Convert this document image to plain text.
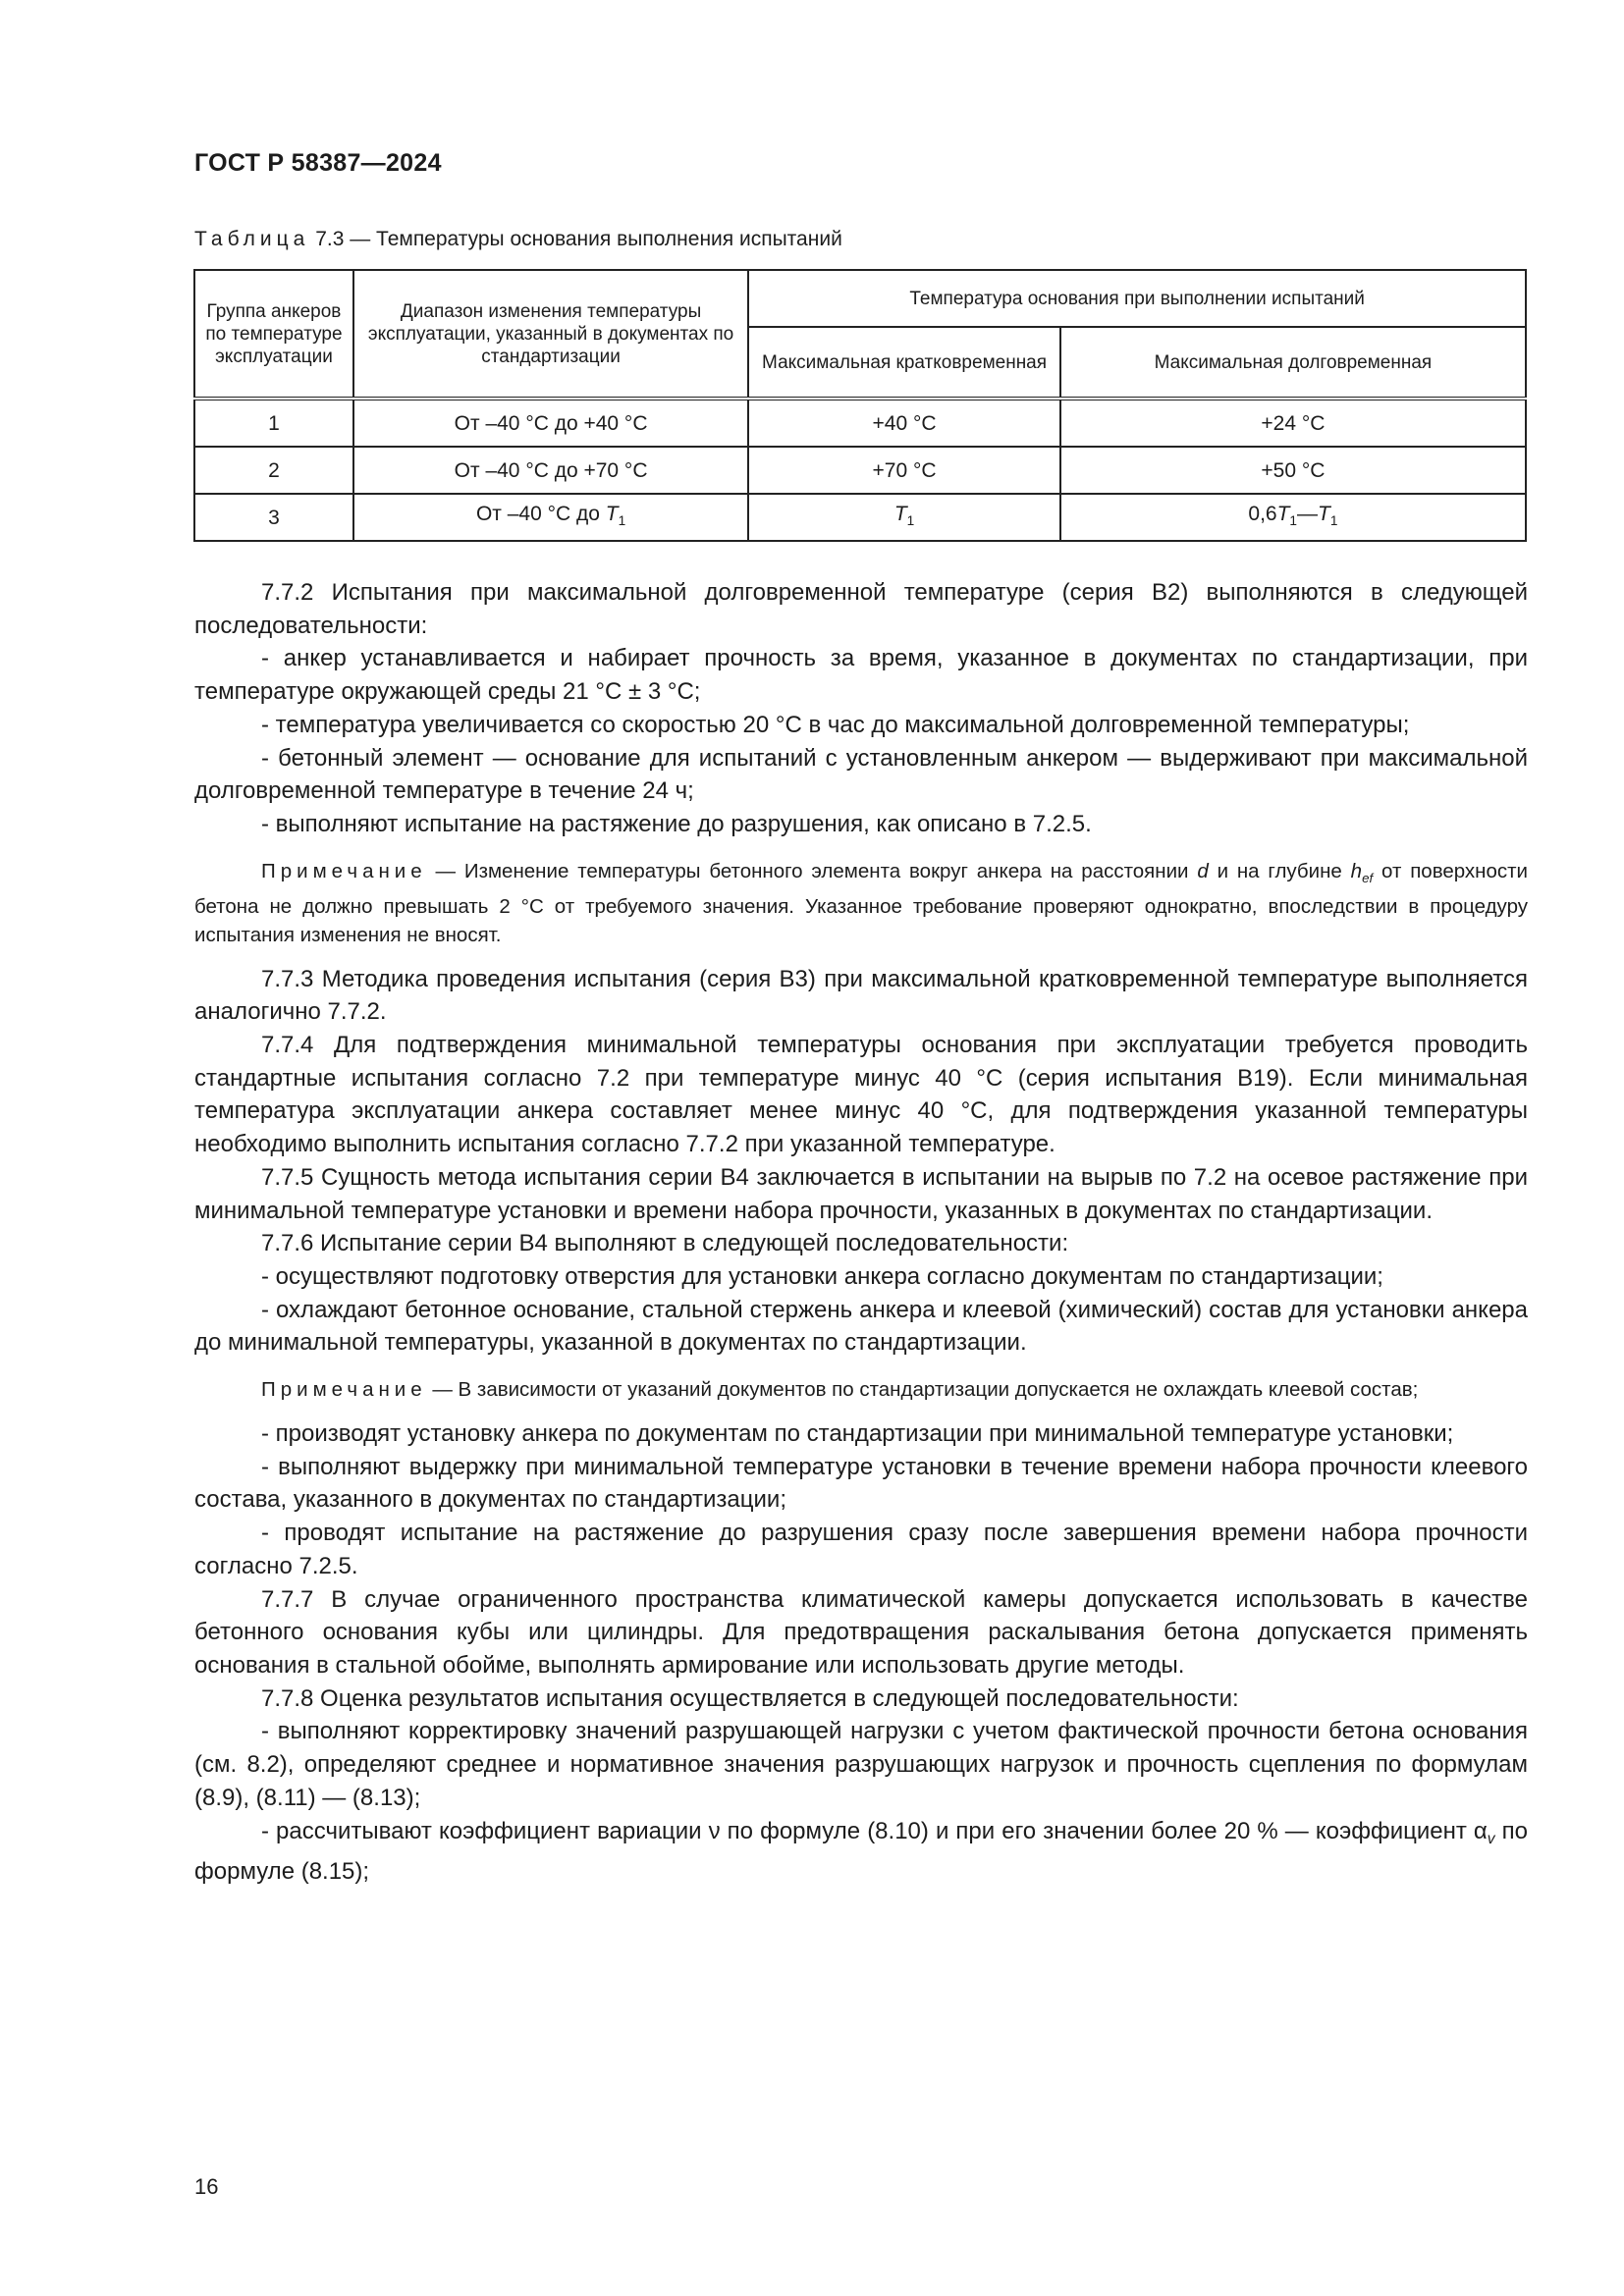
ГОСТ Р 58387—2024
Таблица 7.3 — Температуры основания выполнения испытаний
Группа анкеров по температуре эксплуатации	Диапазон изменения температуры эксплуатации, указанный в документах по стандартизации	Температура основания при выполнении испытаний	
		Максимальная кратковременная	Максимальная долговременная
1	От –40 °С до +40 °С	+40 °С	+24 °С
2	От –40 °С до +70 °С	+70 °С	+50 °С
3	От –40 °С до $T_1$	$T_1$	$0,6T_1—T_1$

7.7.2 Испытания при максимальной долговременной температуре (серия В2) выполняются в следующей последовательности:

- анкер устанавливается и набирает прочность за время, указанное в документах по стандартизации, при температуре окружающей среды 21 °С ± 3 °С;

- температура увеличивается со скоростью 20 °С в час до максимальной долговременной температуры;

- бетонный элемент — основание для испытаний с установленным анкером — выдерживают при максимальной долговременной температуре в течение 24 ч;

- выполняют испытание на растяжение до разрушения, как описано в 7.2.5.

Примечание — Изменение температуры бетонного элемента вокруг анкера на расстоянии d и на глубине $h_{ef}$ от поверхности бетона не должно превышать 2 °С от требуемого значения. Указанное требование проверяют однократно, впоследствии в процедуру испытания изменения не вносят.

7.7.3 Методика проведения испытания (серия В3) при максимальной кратковременной температуре выполняется аналогично 7.7.2.

7.7.4 Для подтверждения минимальной температуры основания при эксплуатации требуется проводить стандартные испытания согласно 7.2 при температуре минус 40 °С (серия испытания В19). Если минимальная температура эксплуатации анкера составляет менее минус 40 °С, для подтверждения указанной температуры необходимо выполнить испытания согласно 7.7.2 при указанной температуре.

7.7.5 Сущность метода испытания серии В4 заключается в испытании на вырыв по 7.2 на осевое растяжение при минимальной температуре установки и времени набора прочности, указанных в документах по стандартизации.

7.7.6 Испытание серии В4 выполняют в следующей последовательности:

- осуществляют подготовку отверстия для установки анкера согласно документам по стандартизации;

- охлаждают бетонное основание, стальной стержень анкера и клеевой (химический) состав для установки анкера до минимальной температуры, указанной в документах по стандартизации.

Примечание — В зависимости от указаний документов по стандартизации допускается не охлаждать клеевой состав;

- производят установку анкера по документам по стандартизации при минимальной температуре установки;

- выполняют выдержку при минимальной температуре установки в течение времени набора прочности клеевого состава, указанного в документах по стандартизации;

- проводят испытание на растяжение до разрушения сразу после завершения времени набора прочности согласно 7.2.5.

7.7.7 В случае ограниченного пространства климатической камеры допускается использовать в качестве бетонного основания кубы или цилиндры. Для предотвращения раскалывания бетона допускается применять основания в стальной обойме, выполнять армирование или использовать другие методы.

7.7.8 Оценка результатов испытания осуществляется в следующей последовательности:

- выполняют корректировку значений разрушающей нагрузки с учетом фактической прочности бетона основания (см. 8.2), определяют среднее и нормативное значения разрушающих нагрузок и прочность сцепления по формулам (8.9), (8.11) — (8.13);

- рассчитывают коэффициент вариации ν по формуле (8.10) и при его значении более 20 % — коэффициент $\alpha_v$ по формуле (8.15);

16
